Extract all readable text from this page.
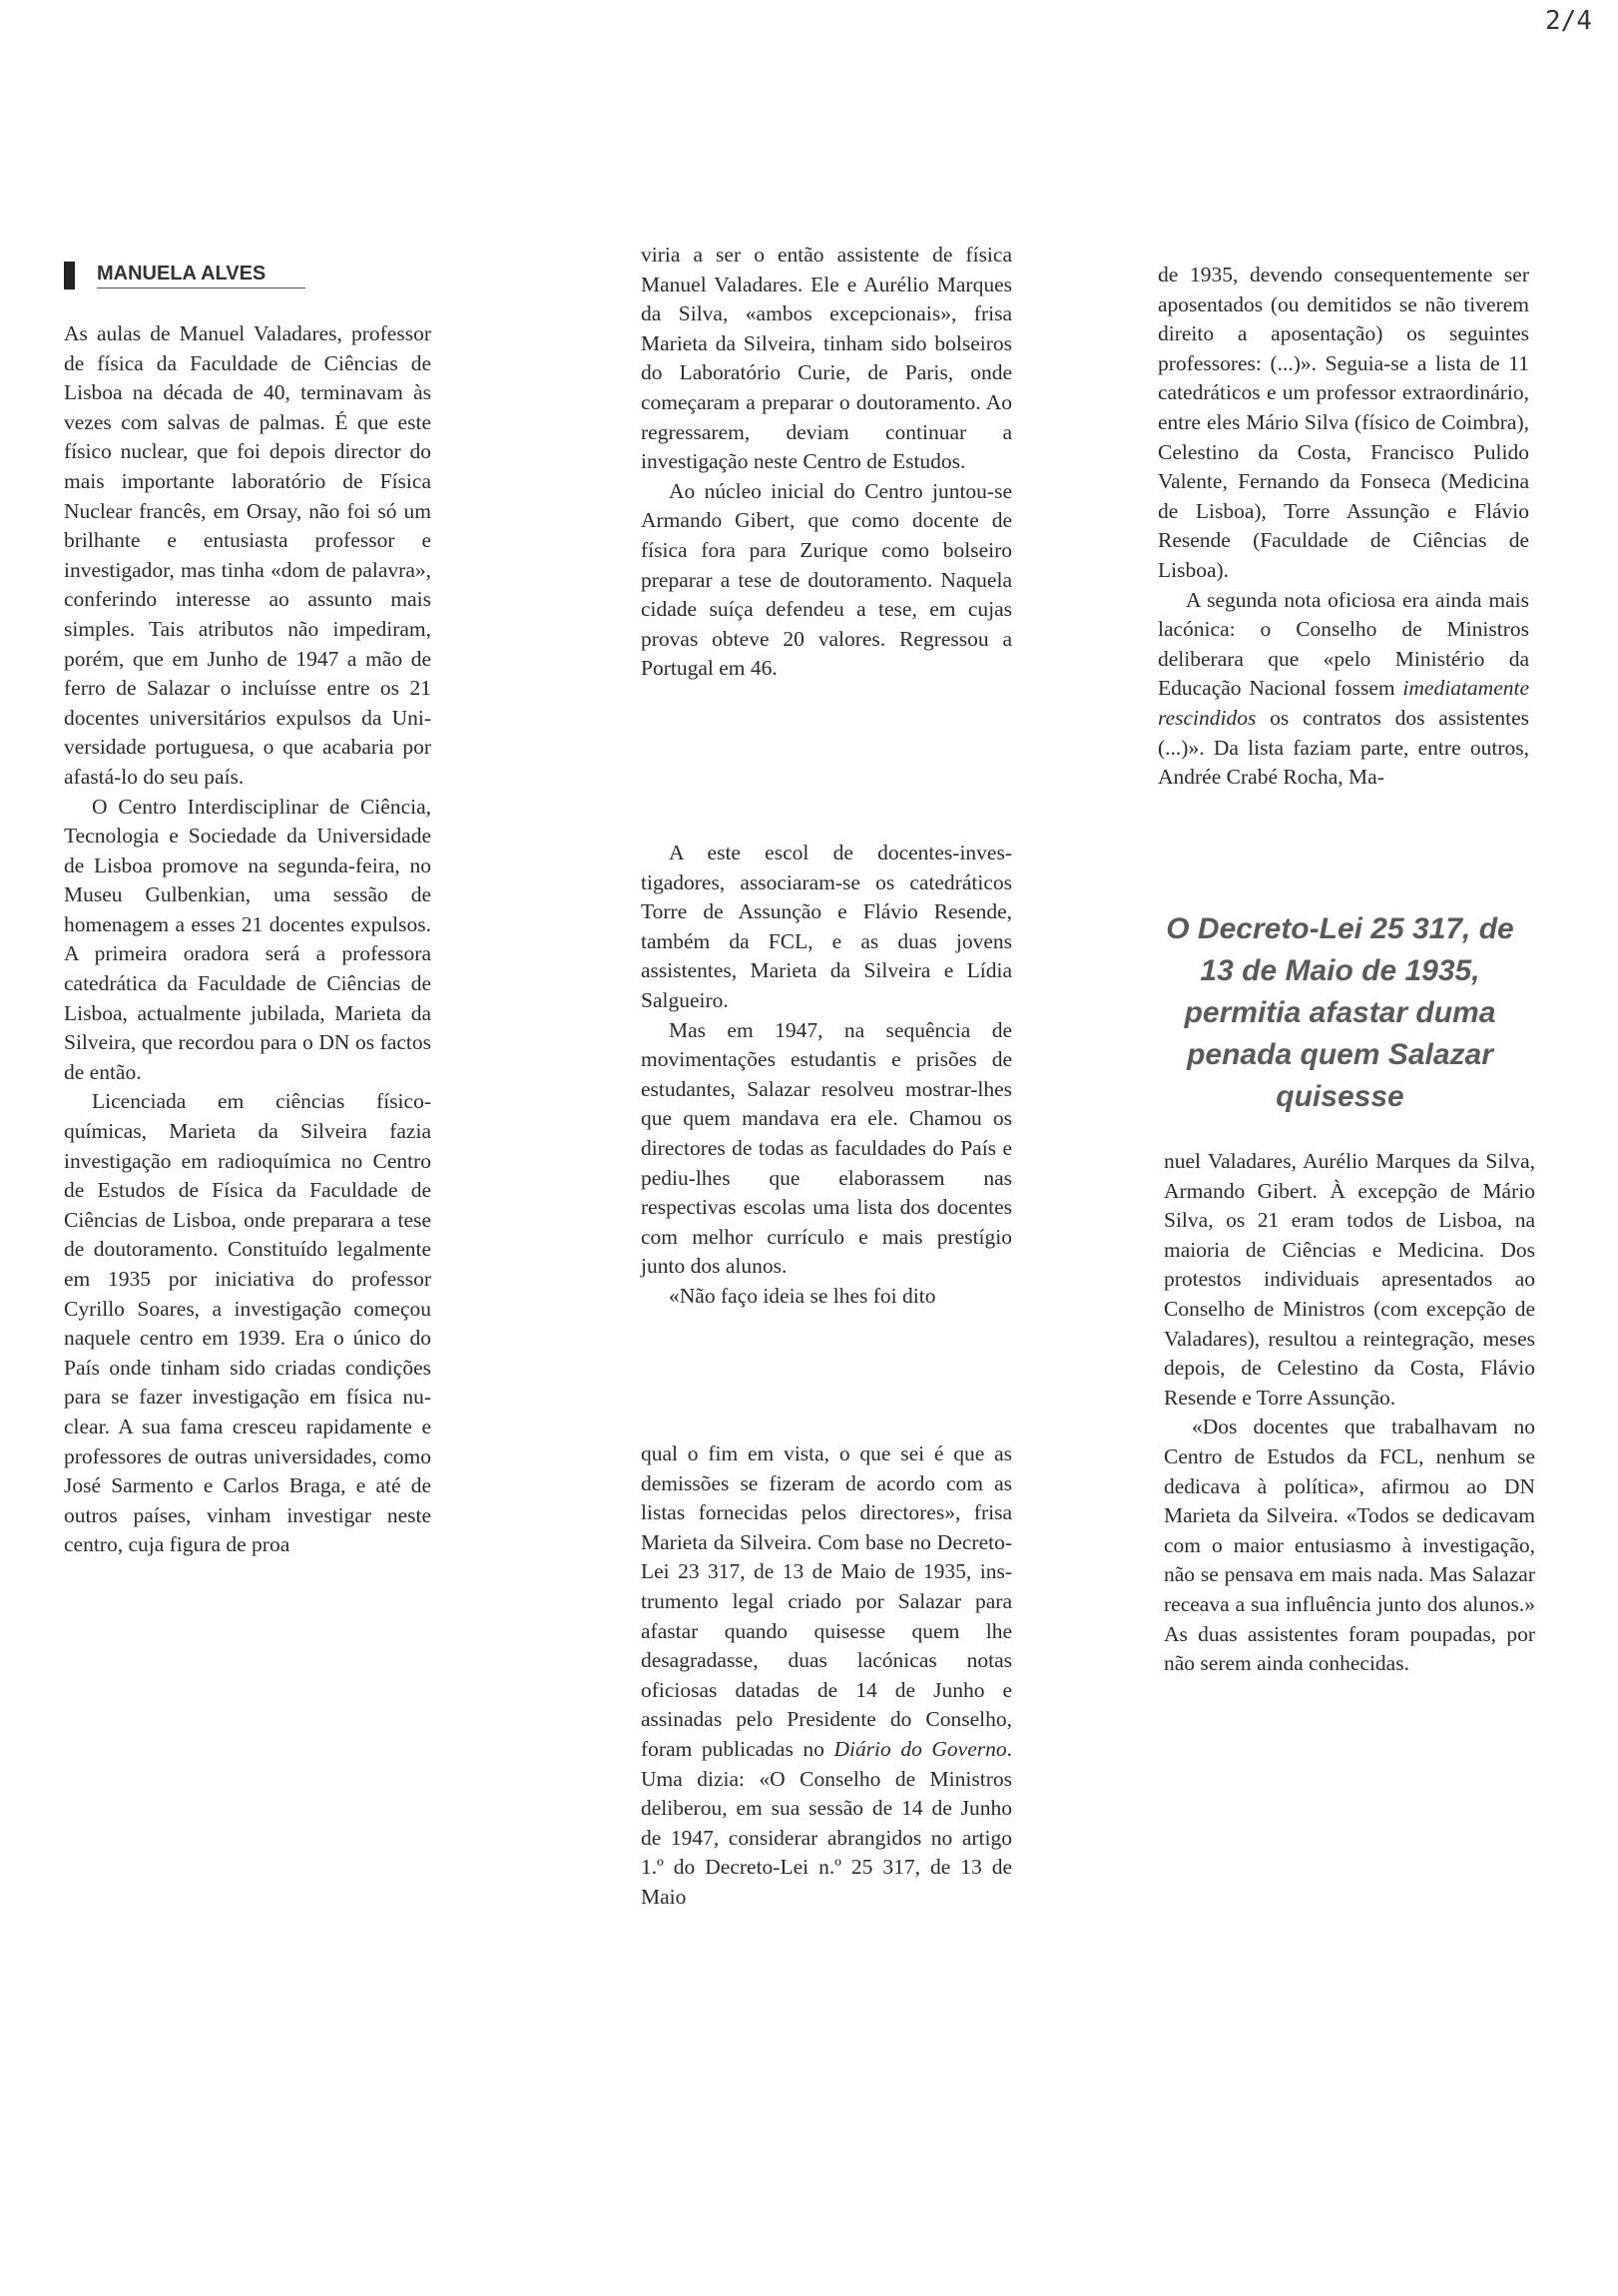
2/4
MANUELA ALVES

As aulas de Manuel Valadares, professor de física da Faculdade de Ciências de Lisboa na década de 40, terminavam às vezes com salvas de palmas. É que este físico nuclear, que foi depois director do mais importante laboratório de Física Nuclear francês, em Orsay, não foi só um brilhante e entusiasta professor e investigador, mas tinha «dom de palavra», conferindo interesse ao assunto mais simples. Tais atributos não impediram, porém, que em Junho de 1947 a mão de ferro de Salazar o incluísse entre os 21 docentes universitários expulsos da Universidade portuguesa, o que acabaria por afastá-lo do seu país.

O Centro Interdisciplinar de Ciência, Tecnologia e Sociedade da Universidade de Lisboa promove na segunda-feira, no Museu Gulbenkian, uma sessão de homenagem a esses 21 docentes expulsos. A primeira oradora será a professora catedrática da Faculdade de Ciências de Lisboa, actualmente jubilada, Marieta da Silveira, que recordou para o DN os factos de então.

Licenciada em ciências físico-químicas, Marieta da Silveira fazia investigação em radioquímica no Centro de Estudos de Física da Faculdade de Ciências de Lisboa, onde preparara a tese de doutoramento. Constituído legalmente em 1935 por iniciativa do professor Cyrillo Soares, a investigação começou naquele centro em 1939. Era o único do País onde tinham sido criadas condições para se fazer investigação em física nuclear. A sua fama cresceu rapidamente e professores de outras universidades, como José Sarmento e Carlos Braga, e até de outros países, vinham investigar neste centro, cuja figura de proa

viria a ser o então assistente de física Manuel Valadares. Ele e Aurélio Marques da Silva, «ambos excepcionais», frisa Marieta da Silveira, tinham sido bolseiros do Laboratório Curie, de Paris, onde começaram a preparar o doutoramento. Ao regressarem, deviam continuar a investigação neste Centro de Estudos.

Ao núcleo inicial do Centro juntou-se Armando Gibert, que como docente de física fora para Zurique como bolseiro preparar a tese de doutoramento. Naquela cidade suíça defendeu a tese, em cujas provas obteve 20 valores. Regressou a Portugal em 46.

A este escol de docentes-investigadores, associaram-se os catedráticos Torre de Assunção e Flávio Resende, também da FCL, e as duas jovens assistentes, Marieta da Silveira e Lídia Salgueiro.

Mas em 1947, na sequência de movimentações estudantis e prisões de estudantes, Salazar resolveu mostrar-lhes que quem mandava era ele. Chamou os directores de todas as faculdades do País e pediu-lhes que elaborassem nas respectivas escolas uma lista dos docentes com melhor currículo e mais prestígio junto dos alunos.

«Não faço ideia se lhes foi dito

qual o fim em vista, o que sei é que as demissões se fizeram de acordo com as listas fornecidas pelos directores», frisa Marieta da Silveira. Com base no Decreto-Lei 23 317, de 13 de Maio de 1935, instrumento legal criado por Salazar para afastar quando quisesse quem lhe desagradasse, duas lacónicas notas oficiosas datadas de 14 de Junho e assinadas pelo Presidente do Conselho, foram publicadas no Diário do Governo. Uma dizia: «O Conselho de Ministros deliberou, em sua sessão de 14 de Junho de 1947, considerar abrangidos no artigo 1.º do Decreto-Lei n.º 25 317, de 13 de Maio

de 1935, devendo consequentemente ser aposentados (ou demitidos se não tiverem direito a aposentação) os seguintes professores: (...)». Seguia-se a lista de 11 catedráticos e um professor extraordinário, entre eles Mário Silva (físico de Coimbra), Celestino da Costa, Francisco Pulido Valente, Fernando da Fonseca (Medicina de Lisboa), Torre Assunção e Flávio Resende (Faculdade de Ciências de Lisboa).

A segunda nota oficiosa era ainda mais lacónica: o Conselho de Ministros deliberara que «pelo Ministério da Educação Nacional fossem imediatamente rescindidos os contratos dos assistentes (...)». Da lista faziam parte, entre outros, Andrée Crabé Rocha, Ma-

O Decreto-Lei 25 317, de 13 de Maio de 1935, permitia afastar duma penada quem Salazar quisesse

nuel Valadares, Aurélio Marques da Silva, Armando Gibert. À excepção de Mário Silva, os 21 eram todos de Lisboa, na maioria de Ciências e Medicina. Dos protestos individuais apresentados ao Conselho de Ministros (com excepção de Valadares), resultou a reintegração, meses depois, de Celestino da Costa, Flávio Resende e Torre Assunção.

«Dos docentes que trabalhavam no Centro de Estudos da FCL, nenhum se dedicava à política», afirmou ao DN Marieta da Silveira. «Todos se dedicavam com o maior entusiasmo à investigação, não se pensava em mais nada. Mas Salazar receava a sua influência junto dos alunos.» As duas assistentes foram poupadas, por não serem ainda conhecidas.
